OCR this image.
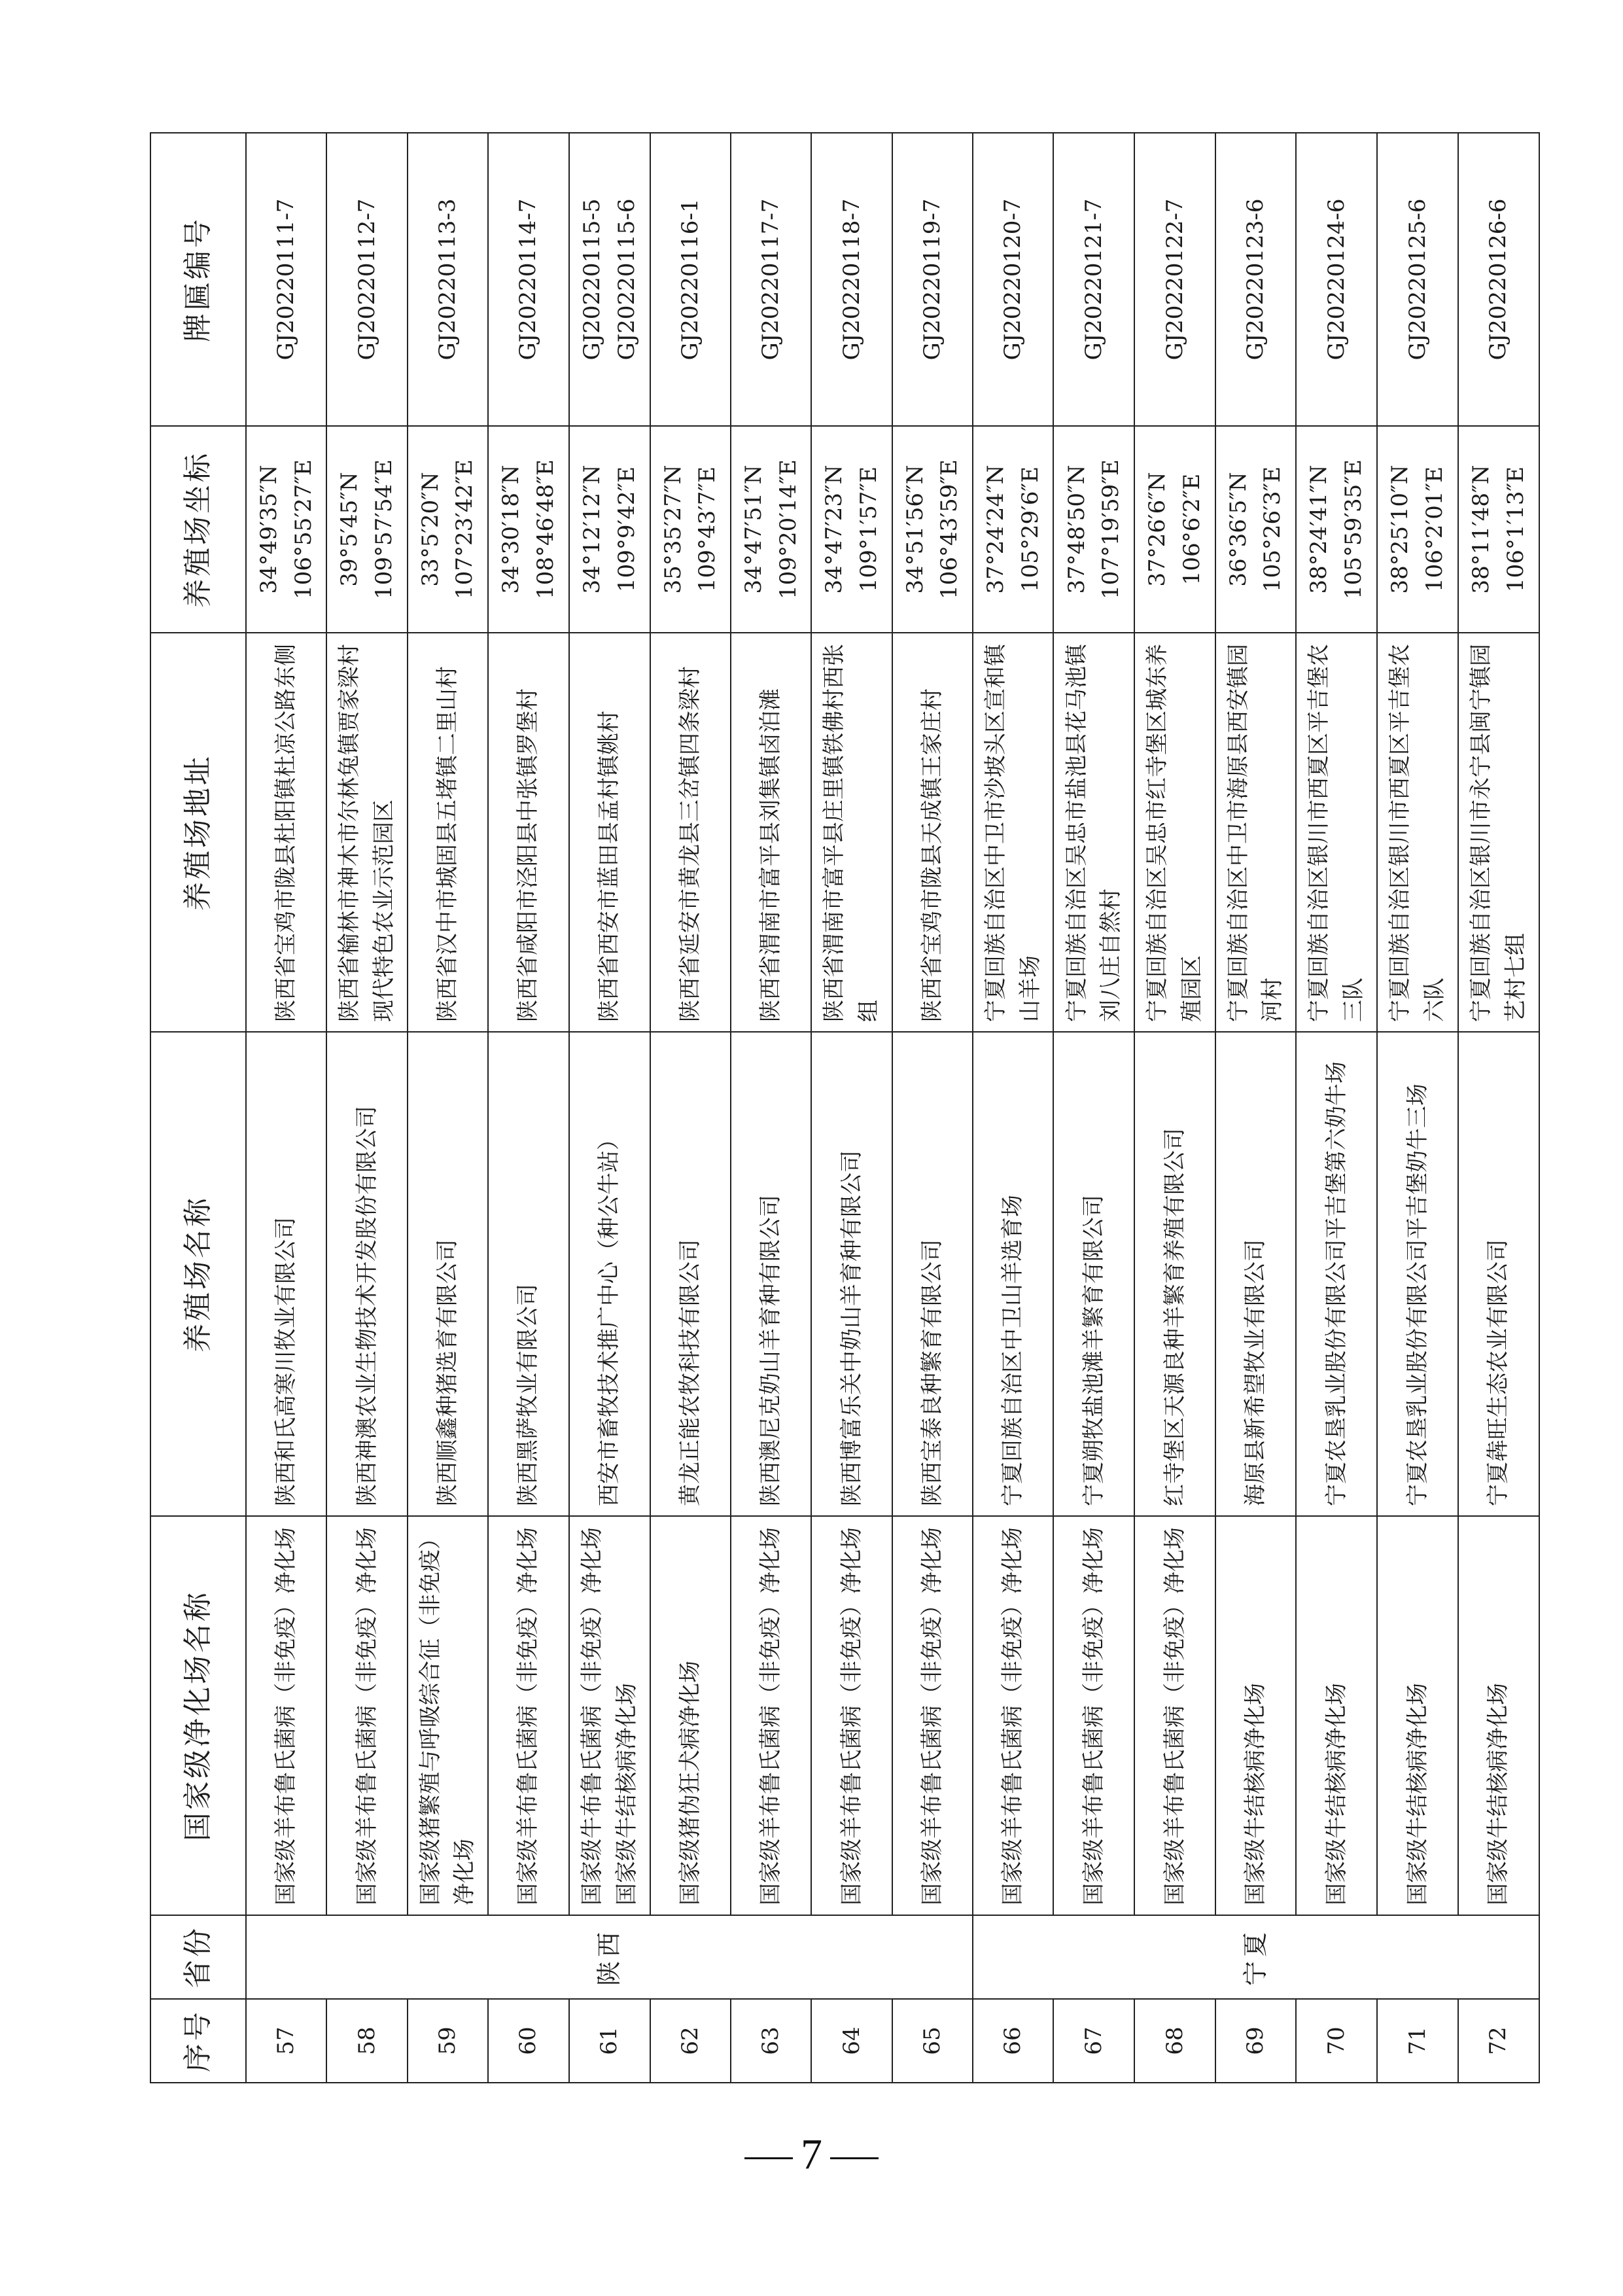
序号	省份	国家级净化场名称	养殖场名称	养殖场地址	养殖场坐标	牌匾编号
57	陕西	国家级羊布鲁氏菌病（非免疫）净化场	陕西和氏高寒川牧业有限公司	陕西省宝鸡市陇县杜阳镇杜凉公路东侧	34°49′35″N 106°55′27″E	GJ20220111-7
58		国家级羊布鲁氏菌病（非免疫）净化场	陕西神澳农业生物技术开发股份有限公司	陕西省榆林市神木市尔林兔镇贾家梁村现代特色农业示范园区	39°5′45″N 109°57′54″E	GJ20220112-7
59		国家级猪繁殖与呼吸综合征（非免疫）净化场	陕西顺鑫种猪选育有限公司	陕西省汉中市城固县五堵镇二里山村	33°5′20″N 107°23′42″E	GJ20220113-3
60		国家级羊布鲁氏菌病（非免疫）净化场	陕西黑萨牧业有限公司	陕西省咸阳市泾阳县中张镇罗堡村	34°30′18″N 108°46′48″E	GJ20220114-7
61		国家级牛布鲁氏菌病（非免疫）净化场 国家级牛结核病净化场	西安市畜牧技术推广中心（种公牛站）	陕西省西安市蓝田县孟村镇姚村	34°12′12″N 109°9′42″E	GJ20220115-5 GJ20220115-6
62		国家级猪伪狂犬病净化场	黄龙正能农牧科技有限公司	陕西省延安市黄龙县三岔镇四条梁村	35°35′27″N 109°43′7″E	GJ20220116-1
63		国家级羊布鲁氏菌病（非免疫）净化场	陕西澳尼克奶山羊育种有限公司	陕西省渭南市富平县刘集镇卤泊滩	34°47′51″N 109°20′14″E	GJ20220117-7
64		国家级羊布鲁氏菌病（非免疫）净化场	陕西博富乐关中奶山羊育种有限公司	陕西省渭南市富平县庄里镇铁佛村西张组	34°47′23″N 109°1′57″E	GJ20220118-7
65		国家级羊布鲁氏菌病（非免疫）净化场	陕西宝泰良种繁育有限公司	陕西省宝鸡市陇县天成镇王家庄村	34°51′56″N 106°43′59″E	GJ20220119-7
66	宁夏	国家级羊布鲁氏菌病（非免疫）净化场	宁夏回族自治区中卫山羊选育场	宁夏回族自治区中卫市沙坡头区宣和镇山羊场	37°24′24″N 105°29′6″E	GJ20220120-7
67		国家级羊布鲁氏菌病（非免疫）净化场	宁夏朔牧盐池滩羊繁育有限公司	宁夏回族自治区吴忠市盐池县花马池镇刘八庄自然村	37°48′50″N 107°19′59″E	GJ20220121-7
68		国家级羊布鲁氏菌病（非免疫）净化场	红寺堡区天源良种羊繁育养殖有限公司	宁夏回族自治区吴忠市红寺堡区城东养殖园区	37°26′6″N 106°6′2″E	GJ20220122-7
69		国家级牛结核病净化场	海原县新希望牧业有限公司	宁夏回族自治区中卫市海原县西安镇园河村	36°36′5″N 105°26′3″E	GJ20220123-6
70		国家级牛结核病净化场	宁夏农垦乳业股份有限公司平吉堡第六奶牛场	宁夏回族自治区银川市西夏区平吉堡农三队	38°24′41″N 105°59′35″E	GJ20220124-6
71		国家级牛结核病净化场	宁夏农垦乳业股份有限公司平吉堡奶牛三场	宁夏回族自治区银川市西夏区平吉堡农六队	38°25′10″N 106°2′01″E	GJ20220125-6
72		国家级牛结核病净化场	宁夏犇旺生态农业有限公司	宁夏回族自治区银川市永宁县闽宁镇园艺村七组	38°11′48″N 106°1′13″E	GJ20220126-6
7
